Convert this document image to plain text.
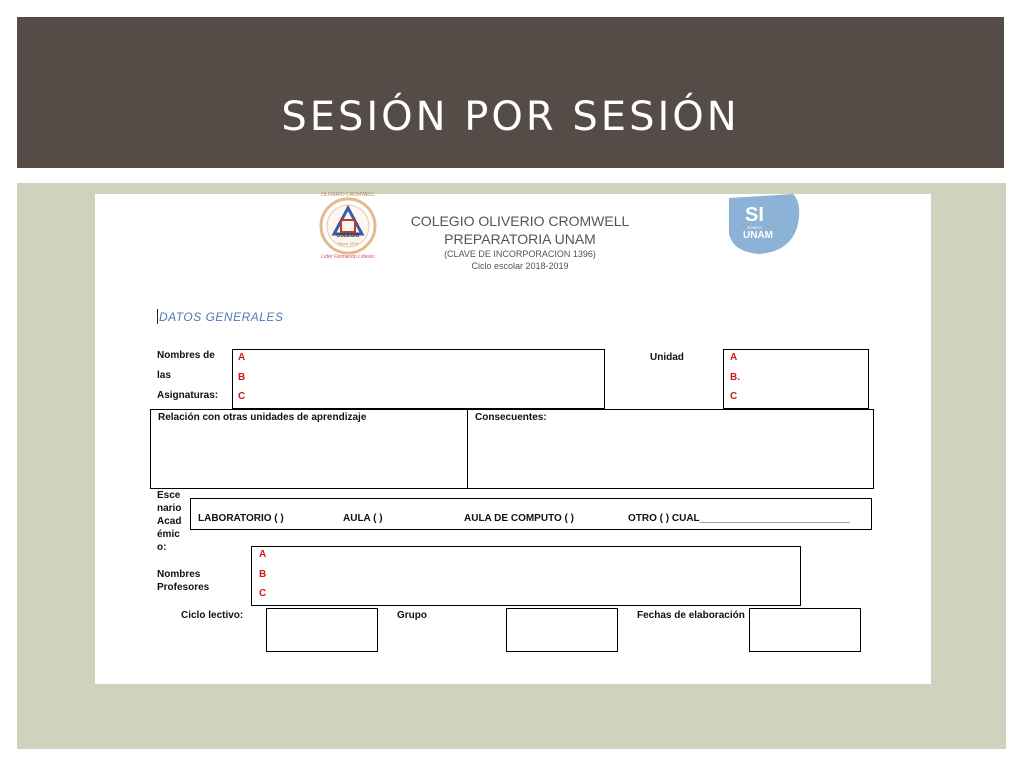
SESIÓN POR SESIÓN
OLIVERIO CROMWELL
COLEGIO
Since 1970
Líder Formando Líderes
COLEGIO OLIVERIO CROMWELL
PREPARATORIA UNAM
(CLAVE DE INCORPORACION 1396)
Ciclo escolar 2018-2019
SI
SOMOS
UNAM
DATOS GENERALES
Nombres de
las
Asignaturas:
A
B
C
Unidad	A
B.
C
Relación con otras unidades de aprendizaje	Consecuentes:
Esce
nario
Acad
émic
o:
LABORATORIO ( )	AULA ( )	AULA DE COMPUTO ( )	OTRO ( ) CUAL___________________________
Nombres
Profesores
A
B
C
Ciclo lectivo:	Grupo	Fechas de elaboración
